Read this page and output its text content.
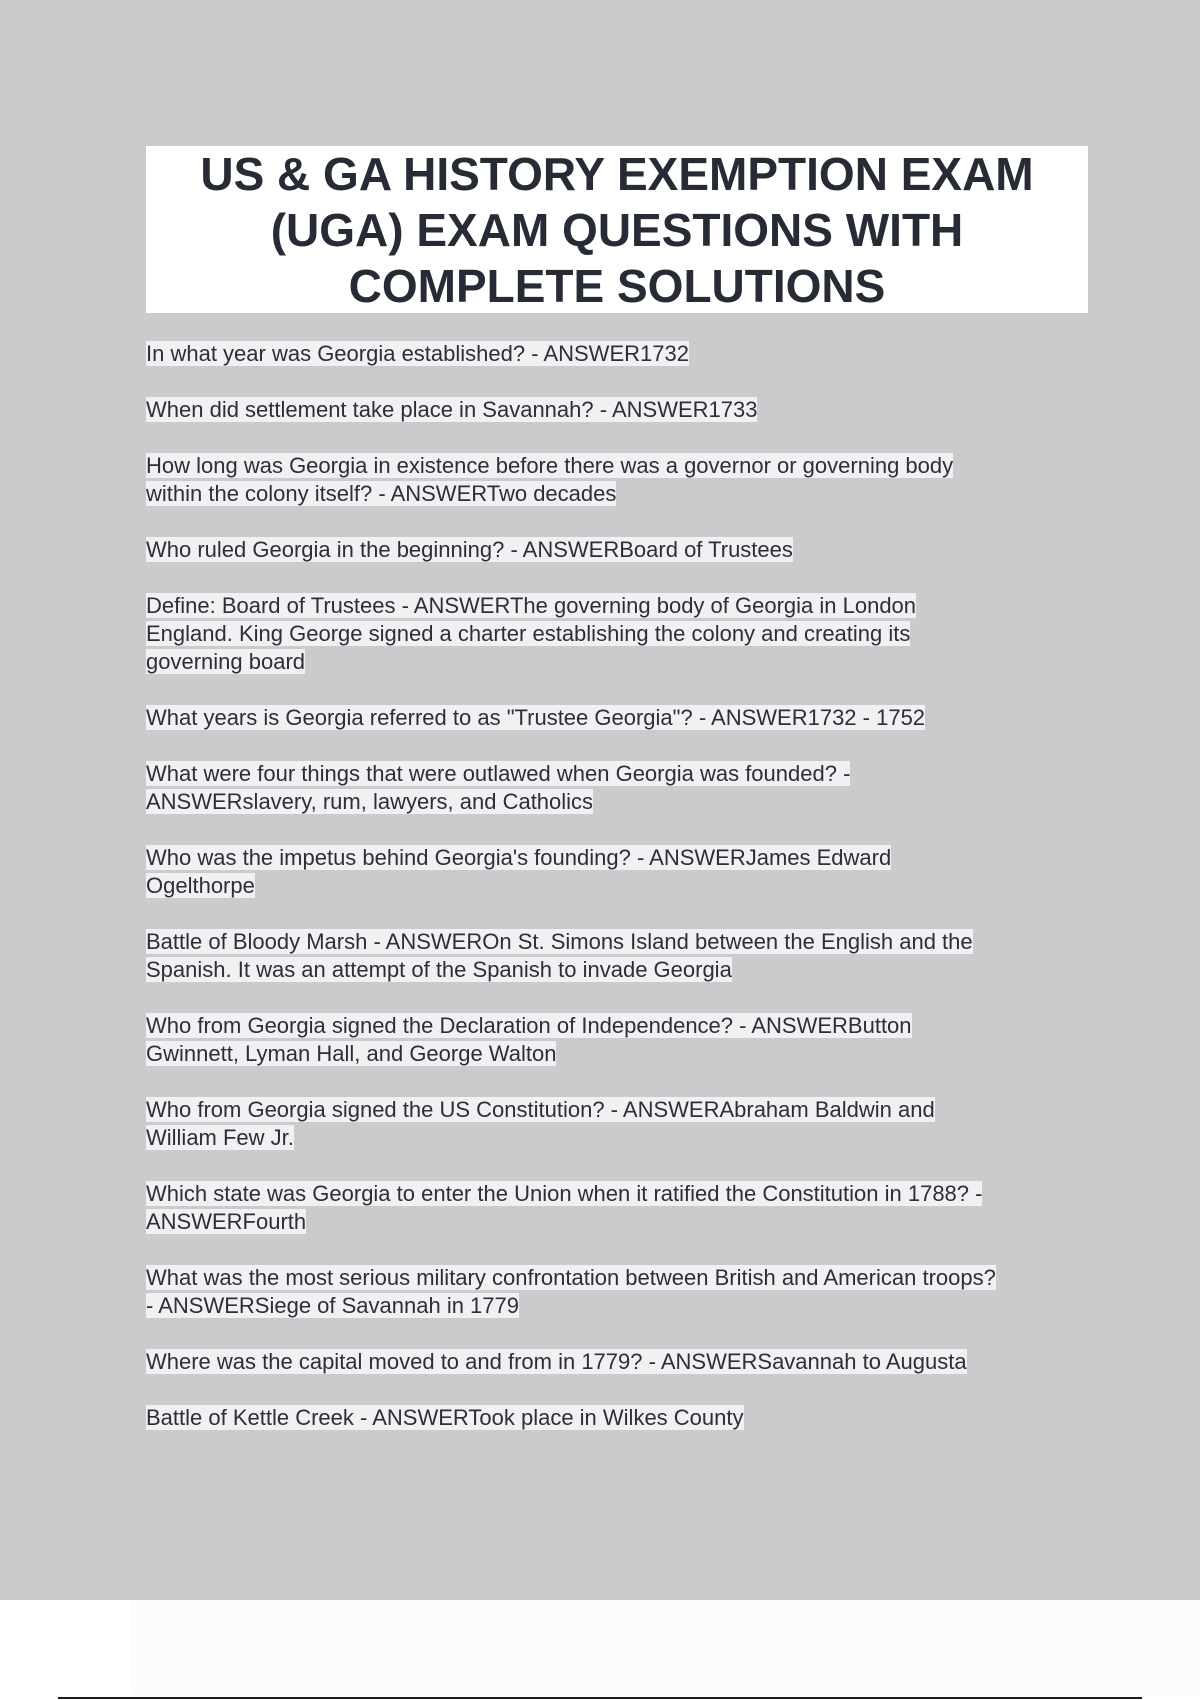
US & GA HISTORY EXEMPTION EXAM
(UGA) EXAM QUESTIONS WITH
COMPLETE SOLUTIONS

In what year was Georgia established? - ANSWER1732

When did settlement take place in Savannah? - ANSWER1733

How long was Georgia in existence before there was a governor or governing body
within the colony itself? - ANSWERTwo decades

Who ruled Georgia in the beginning? - ANSWERBoard of Trustees

Define: Board of Trustees - ANSWERThe governing body of Georgia in London
England. King George signed a charter establishing the colony and creating its
governing board

What years is Georgia referred to as "Trustee Georgia"? - ANSWER1732 - 1752

What were four things that were outlawed when Georgia was founded? -
ANSWERslavery, rum, lawyers, and Catholics

Who was the impetus behind Georgia's founding? - ANSWERJames Edward
Ogelthorpe

Battle of Bloody Marsh - ANSWEROn St. Simons Island between the English and the
Spanish. It was an attempt of the Spanish to invade Georgia

Who from Georgia signed the Declaration of Independence? - ANSWERButton
Gwinnett, Lyman Hall, and George Walton

Who from Georgia signed the US Constitution? - ANSWERAbraham Baldwin and
William Few Jr.

Which state was Georgia to enter the Union when it ratified the Constitution in 1788? -
ANSWERFourth

What was the most serious military confrontation between British and American troops?
- ANSWERSiege of Savannah in 1779

Where was the capital moved to and from in 1779? - ANSWERSavannah to Augusta

Battle of Kettle Creek - ANSWERTook place in Wilkes County
